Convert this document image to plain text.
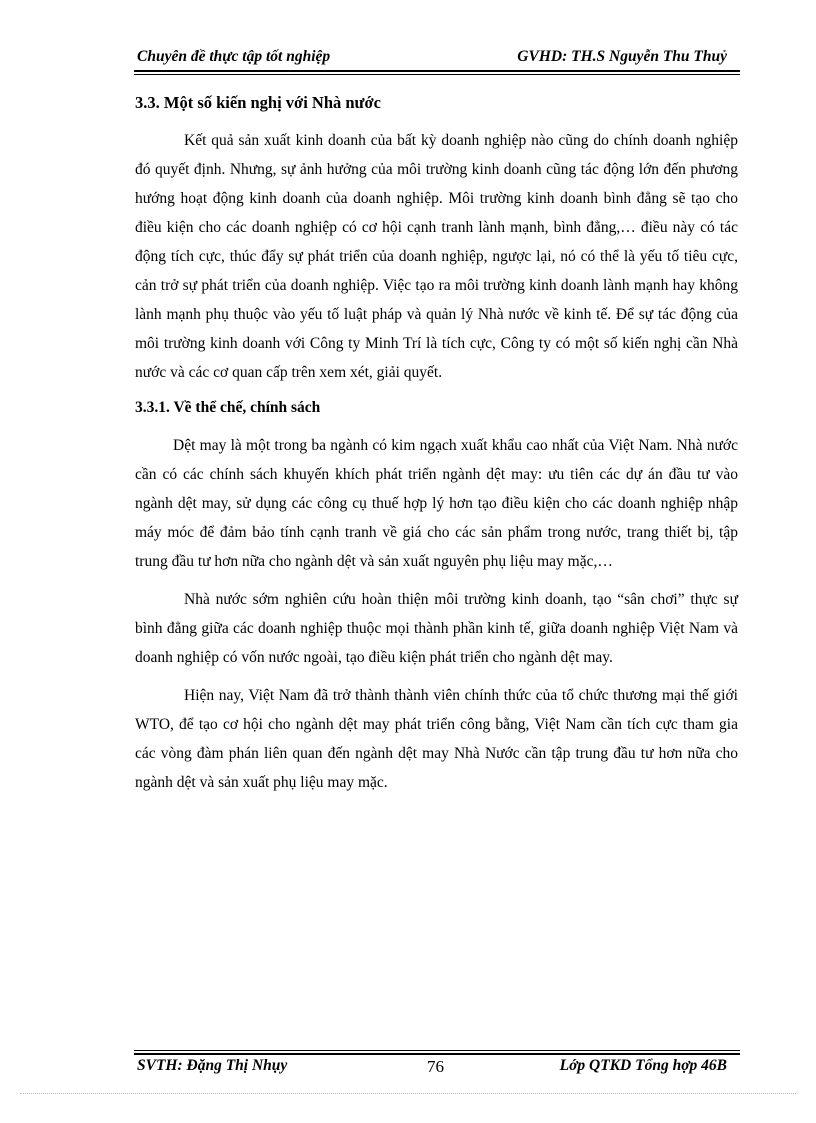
Chuyên đề thực tập tốt nghiệp	GVHD: TH.S Nguyễn Thu Thuỷ
3.3. Một số kiến nghị với Nhà nước

Kết quả sản xuất kinh doanh của bất kỳ doanh nghiệp nào cũng do chính doanh nghiệp đó quyết định. Nhưng, sự ảnh hưởng của môi trường kinh doanh cũng tác động lớn đến phương hướng hoạt động kinh doanh của doanh nghiệp. Môi trường kinh doanh bình đẳng sẽ tạo cho điều kiện cho các doanh nghiệp có cơ hội cạnh tranh lành mạnh, bình đẳng,… điều này có tác động tích cực, thúc đẩy sự phát triển của doanh nghiệp, ngược lại, nó có thể là yếu tố tiêu cực, cản trở sự phát triển của doanh nghiệp. Việc tạo ra môi trường kinh doanh lành mạnh hay không lành mạnh phụ thuộc vào yếu tố luật pháp và quản lý Nhà nước về kinh tế. Để sự tác động của môi trường kinh doanh với Công ty Minh Trí là tích cực, Công ty có một số kiến nghị cần Nhà nước và các cơ quan cấp trên xem xét, giải quyết.

3.3.1. Về thể chế, chính sách

Dệt may là một trong ba ngành có kim ngạch xuất khẩu cao nhất của Việt Nam. Nhà nước cần có các chính sách khuyến khích phát triển ngành dệt may: ưu tiên các dự án đầu tư vào ngành dệt may, sử dụng các công cụ thuế hợp lý hơn tạo điều kiện cho các doanh nghiệp nhập máy móc để đảm bảo tính cạnh tranh về giá cho các sản phẩm trong nước, trang thiết bị, tập trung đầu tư hơn nữa cho ngành dệt và sản xuất nguyên phụ liệu may mặc,…

Nhà nước sớm nghiên cứu hoàn thiện môi trường kinh doanh, tạo “sân chơi” thực sự bình đẳng giữa các doanh nghiệp thuộc mọi thành phần kinh tế, giữa doanh nghiệp Việt Nam và doanh nghiệp có vốn nước ngoài, tạo điều kiện phát triển cho ngành dệt may.

Hiện nay, Việt Nam đã trở thành thành viên chính thức của tổ chức thương mại thế giới WTO, để tạo cơ hội cho ngành dệt may phát triển công bằng, Việt Nam cần tích cực tham gia các vòng đàm phán liên quan đến ngành dệt may Nhà Nước cần tập trung đầu tư hơn nữa cho ngành dệt và sản xuất phụ liệu may mặc.

SVTH: Đặng Thị Nhụy	76	Lớp QTKD Tổng hợp 46B
